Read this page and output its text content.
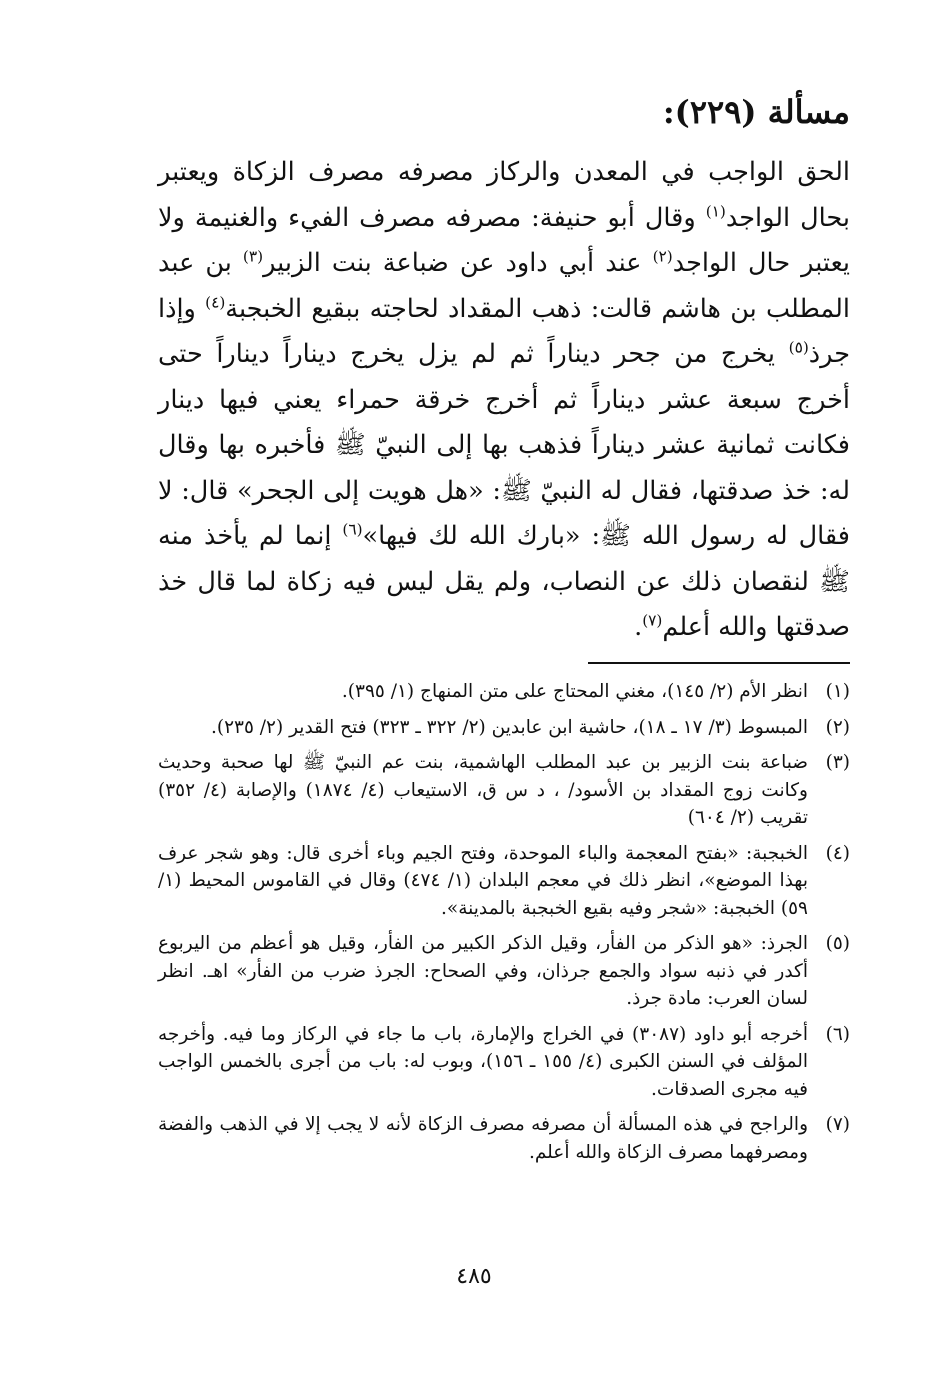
مسألة (٢٢٩):
الحق الواجب في المعدن والركاز مصرفه مصرف الزكاة ويعتبر بحال الواجد$^{(١)}$ وقال أبو حنيفة: مصرفه مصرف الفيء والغنيمة ولا يعتبر حال الواجد$^{(٢)}$ عند أبي داود عن ضباعة بنت الزبير$^{(٣)}$ بن عبد المطلب بن هاشم قالت: ذهب المقداد لحاجته ببقيع الخبجبة$^{(٤)}$ وإذا جرذ$^{(٥)}$ يخرج من جحر ديناراً ثم لم يزل يخرج ديناراً ديناراً حتى أخرج سبعة عشر ديناراً ثم أخرج خرقة حمراء يعني فيها دينار فكانت ثمانية عشر ديناراً فذهب بها إلى النبيّ ﷺ فأخبره بها وقال له: خذ صدقتها، فقال له النبيّ ﷺ: «هل هويت إلى الجحر» قال: لا فقال له رسول الله ﷺ: «بارك الله لك فيها»$^{(٦)}$ إنما لم يأخذ منه ﷺ لنقصان ذلك عن النصاب، ولم يقل ليس فيه زكاة لما قال خذ صدقتها والله أعلم$^{(٧)}$.
(١)
انظر الأم (٢/ ١٤٥)، مغني المحتاج على متن المنهاج (١/ ٣٩٥).
(٢)
المبسوط (٣/ ١٧ ـ ١٨)، حاشية ابن عابدين (٢/ ٣٢٢ ـ ٣٢٣) فتح القدير (٢/ ٢٣٥).
(٣)
ضباعة بنت الزبير بن عبد المطلب الهاشمية، بنت عم النبيّ ﷺ لها صحبة وحديث وكانت زوج المقداد بن الأسود/ ، د س ق، الاستيعاب (٤/ ١٨٧٤) والإصابة (٤/ ٣٥٢) تقريب (٢/ ٦٠٤)
(٤)
الخبجبة: «بفتح المعجمة والباء الموحدة، وفتح الجيم وباء أخرى قال: وهو شجر عرف بهذا الموضع»، انظر ذلك في معجم البلدان (١/ ٤٧٤) وقال في القاموس المحيط (١/ ٥٩) الخبجبة: «شجر وفيه بقيع الخبجبة بالمدينة».
(٥)
الجرذ: «هو الذكر من الفأر، وقيل الذكر الكبير من الفأر، وقيل هو أعظم من اليربوع أكدر في ذنبه سواد والجمع جرذان، وفي الصحاح: الجرذ ضرب من الفأر» اهـ. انظر لسان العرب: مادة جرذ.
(٦)
أخرجه أبو داود (٣٠٨٧) في الخراج والإمارة، باب ما جاء في الركاز وما فيه. وأخرجه المؤلف في السنن الكبرى (٤/ ١٥٥ ـ ١٥٦)، وبوب له: باب من أجرى بالخمس الواجب فيه مجرى الصدقات.
(٧)
والراجح في هذه المسألة أن مصرفه مصرف الزكاة لأنه لا يجب إلا في الذهب والفضة ومصرفهما مصرف الزكاة والله أعلم.
٤٨٥
